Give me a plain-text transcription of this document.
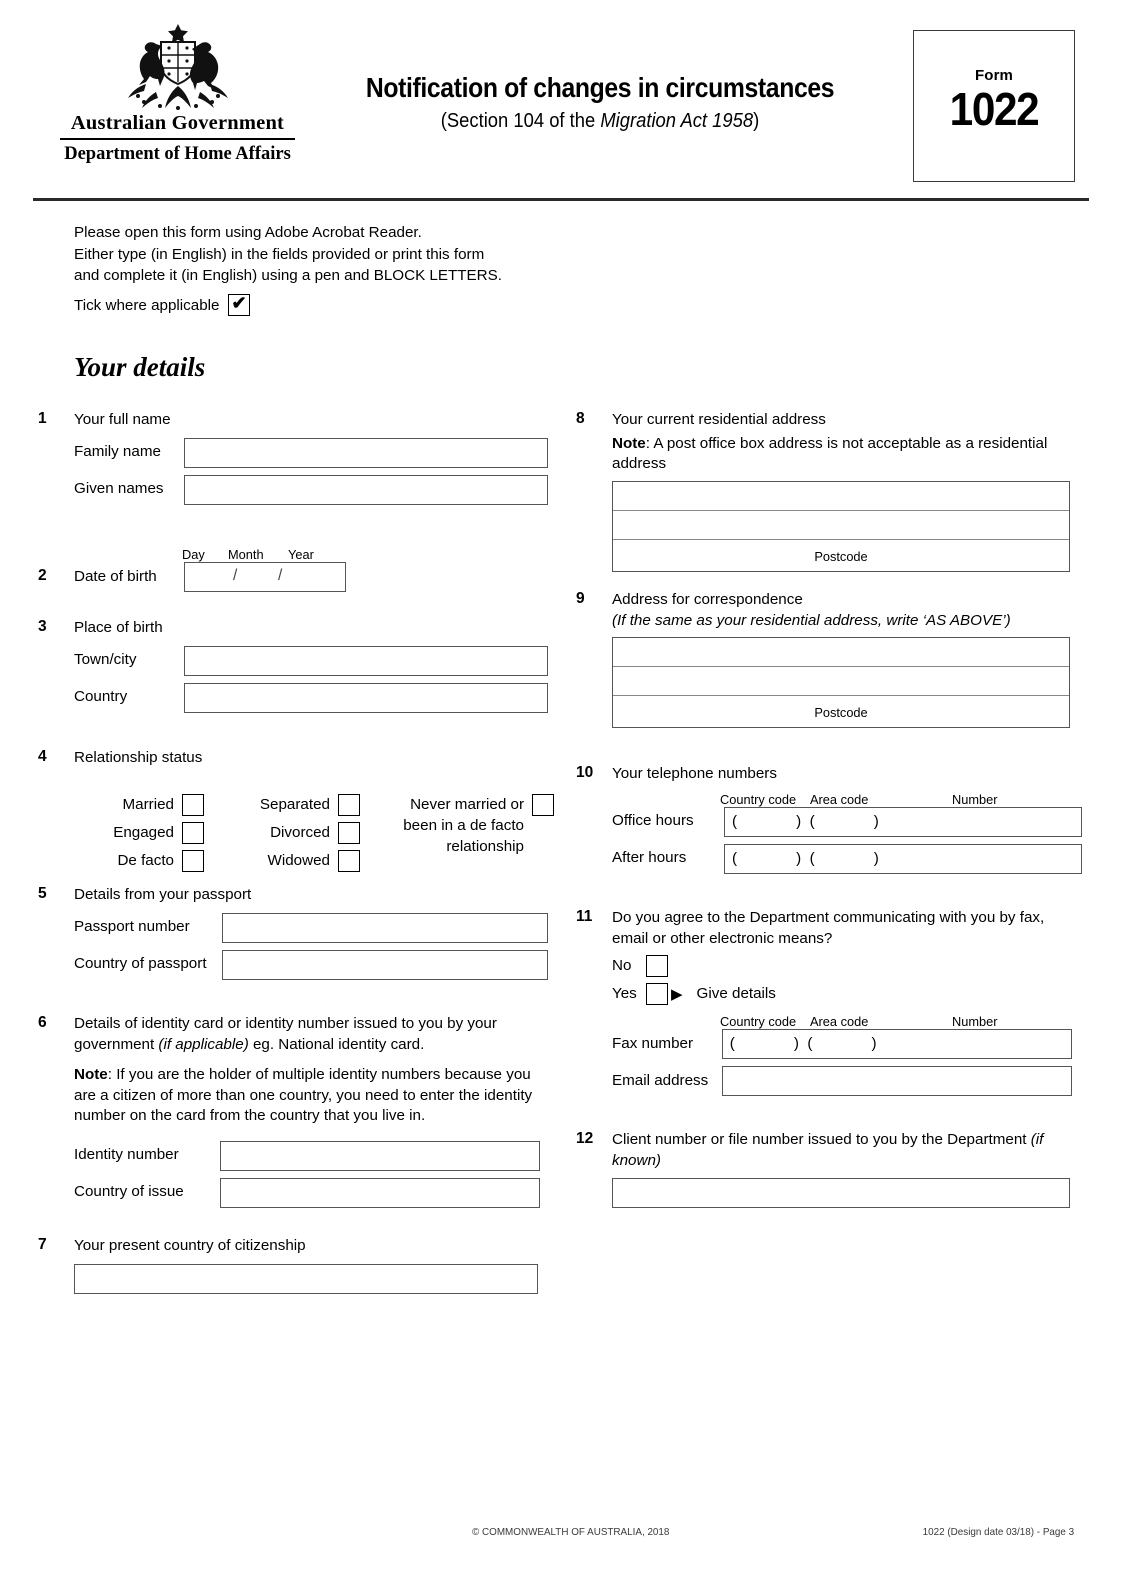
Australian Government
Department of Home Affairs
Notification of changes in circumstances
(Section 104 of the Migration Act 1958)
Form
1022
Please open this form using Adobe Acrobat Reader.
Either type (in English) in the fields provided or print this form
and complete it (in English) using a pen and BLOCK LETTERS.
Tick where applicable ✔
Your details
1	Your full name
Family name
Given names
2
Day Month Year
Date of birth	/	/
3	Place of birth
Town/city
Country
4	Relationship status
Married
Engaged
De facto
Separated
Divorced
Widowed
Never married or been in a de facto relationship
5	Details from your passport
Passport number
Country of passport
6	Details of identity card or identity number issued to you by your government (if applicable) eg. National identity card.
Note: If you are the holder of multiple identity numbers because you are a citizen of more than one country, you need to enter the identity number on the card from the country that you live in.
Identity number
Country of issue
7	Your present country of citizenship
8	Your current residential address
Note: A post office box address is not acceptable as a residential address
Postcode
9	Address for correspondence
(If the same as your residential address, write ‘AS ABOVE’)
Postcode
10	Your telephone numbers
Country code Area code	Number
Office hours	(              )  (              )
After hours	(              )  (              )
11	Do you agree to the Department communicating with you by fax, email or other electronic means?
No
Yes	▶ Give details
Country code Area code	Number
Fax number	(              )  (              )
Email address
12	Client number or file number issued to you by the Department (if known)
© COMMONWEALTH OF AUSTRALIA, 2018	1022 (Design date 03/18) - Page 3
